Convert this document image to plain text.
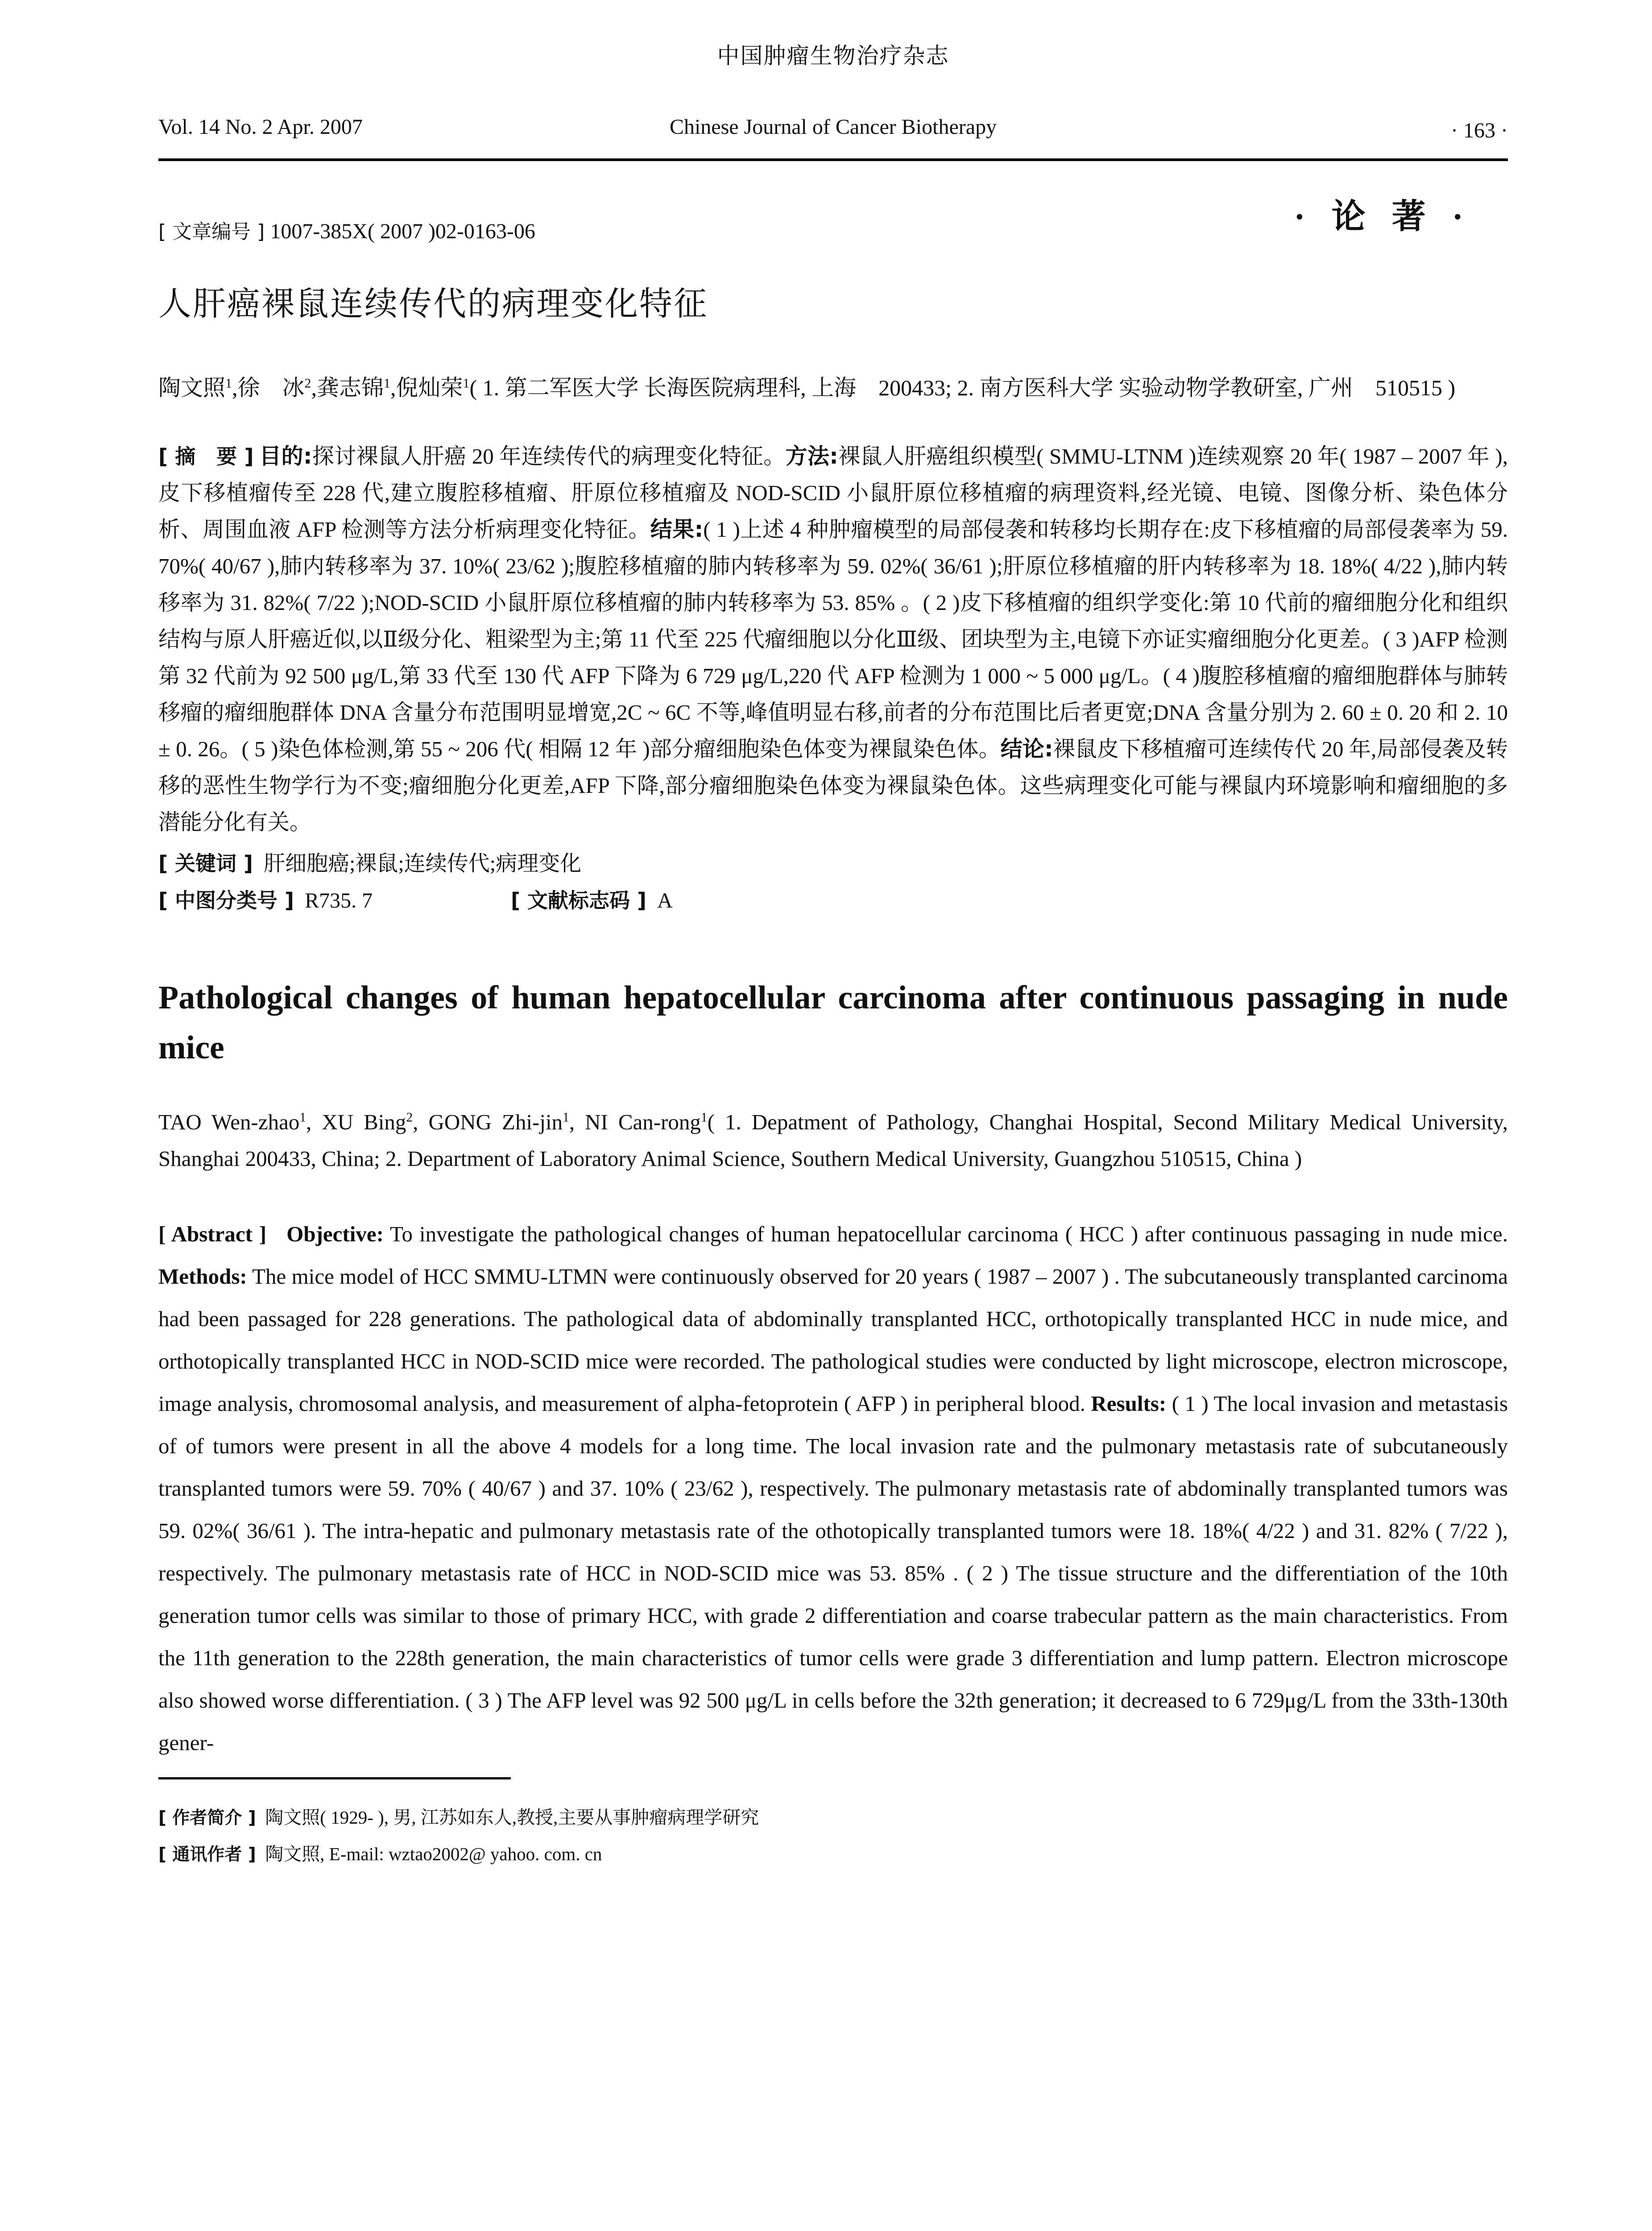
中国肿瘤生物治疗杂志
Vol. 14 No. 2 Apr. 2007	Chinese Journal of Cancer Biotherapy	· 163 ·
[ 文章编号 ] 1007-385X( 2007 )02-0163-06	· 论 著 ·
人肝癌裸鼠连续传代的病理变化特征
陶文照$^1$,徐　冰$^2$,龚志锦$^1$,倪灿荣$^1$( 1. 第二军医大学 长海医院病理科, 上海　200433; 2. 南方医科大学 实验动物学教研室, 广州　510515 )
[ 摘　要 ] 目的:探讨裸鼠人肝癌 20 年连续传代的病理变化特征。方法:裸鼠人肝癌组织模型( SMMU-LTNM )连续观察 20 年( 1987 – 2007 年 ),皮下移植瘤传至 228 代,建立腹腔移植瘤、肝原位移植瘤及 NOD-SCID 小鼠肝原位移植瘤的病理资料,经光镜、电镜、图像分析、染色体分析、周围血液 AFP 检测等方法分析病理变化特征。结果:( 1 )上述 4 种肿瘤模型的局部侵袭和转移均长期存在:皮下移植瘤的局部侵袭率为 59. 70%( 40/67 ),肺内转移率为 37. 10%( 23/62 );腹腔移植瘤的肺内转移率为 59. 02%( 36/61 );肝原位移植瘤的肝内转移率为 18. 18%( 4/22 ),肺内转移率为 31. 82%( 7/22 );NOD-SCID 小鼠肝原位移植瘤的肺内转移率为 53. 85% 。( 2 )皮下移植瘤的组织学变化:第 10 代前的瘤细胞分化和组织结构与原人肝癌近似,以Ⅱ级分化、粗梁型为主;第 11 代至 225 代瘤细胞以分化Ⅲ级、团块型为主,电镜下亦证实瘤细胞分化更差。( 3 )AFP 检测第 32 代前为 92 500 μg/L,第 33 代至 130 代 AFP 下降为 6 729 μg/L,220 代 AFP 检测为 1 000 ~ 5 000 μg/L。( 4 )腹腔移植瘤的瘤细胞群体与肺转移瘤的瘤细胞群体 DNA 含量分布范围明显增宽,2C ~ 6C 不等,峰值明显右移,前者的分布范围比后者更宽;DNA 含量分别为 2. 60 ± 0. 20 和 2. 10 ± 0. 26。( 5 )染色体检测,第 55 ~ 206 代( 相隔 12 年 )部分瘤细胞染色体变为裸鼠染色体。结论:裸鼠皮下移植瘤可连续传代 20 年,局部侵袭及转移的恶性生物学行为不变;瘤细胞分化更差,AFP 下降,部分瘤细胞染色体变为裸鼠染色体。这些病理变化可能与裸鼠内环境影响和瘤细胞的多潜能分化有关。
[ 关键词 ] 肝细胞癌;裸鼠;连续传代;病理变化
[ 中图分类号 ] R735. 7	[ 文献标志码 ] A
Pathological changes of human hepatocellular carcinoma after continuous passaging in nude mice
TAO Wen-zhao$^1$, XU Bing$^2$, GONG Zhi-jin$^1$, NI Can-rong$^1$( 1. Depatment of Pathology, Changhai Hospital, Second Military Medical University, Shanghai 200433, China; 2. Department of Laboratory Animal Science, Southern Medical University, Guangzhou 510515, China )
[ Abstract ] Objective: To investigate the pathological changes of human hepatocellular carcinoma ( HCC ) after continuous passaging in nude mice. Methods: The mice model of HCC SMMU-LTMN were continuously observed for 20 years ( 1987 – 2007 ) . The subcutaneously transplanted carcinoma had been passaged for 228 generations. The pathological data of abdominally transplanted HCC, orthotopically transplanted HCC in nude mice, and orthotopically transplanted HCC in NOD-SCID mice were recorded. The pathological studies were conducted by light microscope, electron microscope, image analysis, chromosomal analysis, and measurement of alpha-fetoprotein ( AFP ) in peripheral blood. Results: ( 1 ) The local invasion and metastasis of of tumors were present in all the above 4 models for a long time. The local invasion rate and the pulmonary metastasis rate of subcutaneously transplanted tumors were 59. 70% ( 40/67 ) and 37. 10% ( 23/62 ), respectively. The pulmonary metastasis rate of abdominally transplanted tumors was 59. 02%( 36/61 ). The intra-hepatic and pulmonary metastasis rate of the othotopically transplanted tumors were 18. 18%( 4/22 ) and 31. 82% ( 7/22 ), respectively. The pulmonary metastasis rate of HCC in NOD-SCID mice was 53. 85% . ( 2 ) The tissue structure and the differentiation of the 10th generation tumor cells was similar to those of primary HCC, with grade 2 differentiation and coarse trabecular pattern as the main characteristics. From the 11th generation to the 228th generation, the main characteristics of tumor cells were grade 3 differentiation and lump pattern. Electron microscope also showed worse differentiation. ( 3 ) The AFP level was 92 500 μg/L in cells before the 32th generation; it decreased to 6 729μg/L from the 33th-130th gener-
[ 作者简介 ] 陶文照( 1929- ), 男, 江苏如东人,教授,主要从事肿瘤病理学研究
[ 通讯作者 ] 陶文照, E-mail: wztao2002@ yahoo. com. cn
